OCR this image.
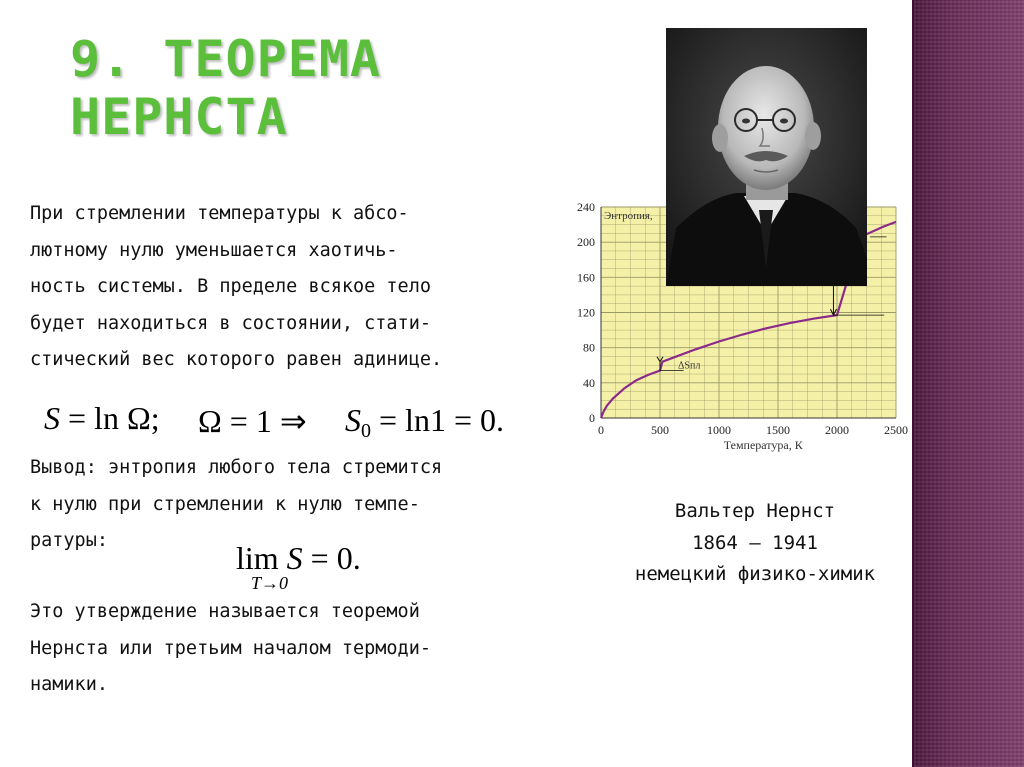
9. ТЕОРЕМА
НЕРНСТА
При стремлении температуры к абсо-
лютному нулю уменьшается хаотичь-
ность системы. В пределе всякое тело
будет находиться в состоянии, стати-
стический вес которого равен адинице.
S = ln Ω; Ω = 1 ⇒ $S_0 = \ln 1 = 0$.
Вывод: энтропия любого тела стремится
к нулю при стремлении к нулю темпе-
ратуры:	lim S = 0.
T→0
Это утверждение называется теоремой
Нернста или третьим началом термоди-
намики.
0	500	1000	1500	2000	2500
0
40
80
120
160
200
240
Энтропия,
Температура, К
ΔSпл
Вальтер Нернст
1864 – 1941
немецкий физико-химик
